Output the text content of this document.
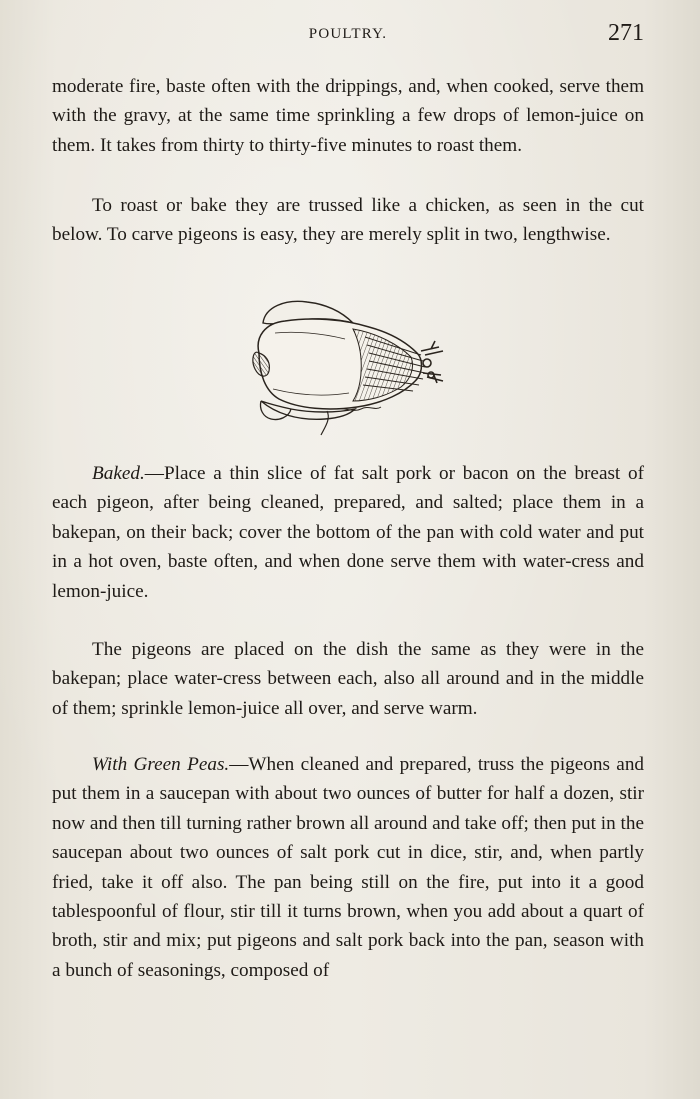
POULTRY.	271

moderate fire, baste often with the drippings, and, when cooked, serve them with the gravy, at the same time sprinkling a few drops of lemon-juice on them. It takes from thirty to thirty-five minutes to roast them.

To roast or bake they are trussed like a chicken, as seen in the cut below. To carve pigeons is easy, they are merely split in two, lengthwise.

Baked.—Place a thin slice of fat salt pork or bacon on the breast of each pigeon, after being cleaned, prepared, and salted; place them in a bakepan, on their back; cover the bottom of the pan with cold water and put in a hot oven, baste often, and when done serve them with water-cress and lemon-juice.

The pigeons are placed on the dish the same as they were in the bakepan; place water-cress between each, also all around and in the middle of them; sprinkle lemon-juice all over, and serve warm.

With Green Peas.—When cleaned and prepared, truss the pigeons and put them in a saucepan with about two ounces of butter for half a dozen, stir now and then till turning rather brown all around and take off; then put in the saucepan about two ounces of salt pork cut in dice, stir, and, when partly fried, take it off also. The pan being still on the fire, put into it a good tablespoonful of flour, stir till it turns brown, when you add about a quart of broth, stir and mix; put pigeons and salt pork back into the pan, season with a bunch of seasonings, composed of
